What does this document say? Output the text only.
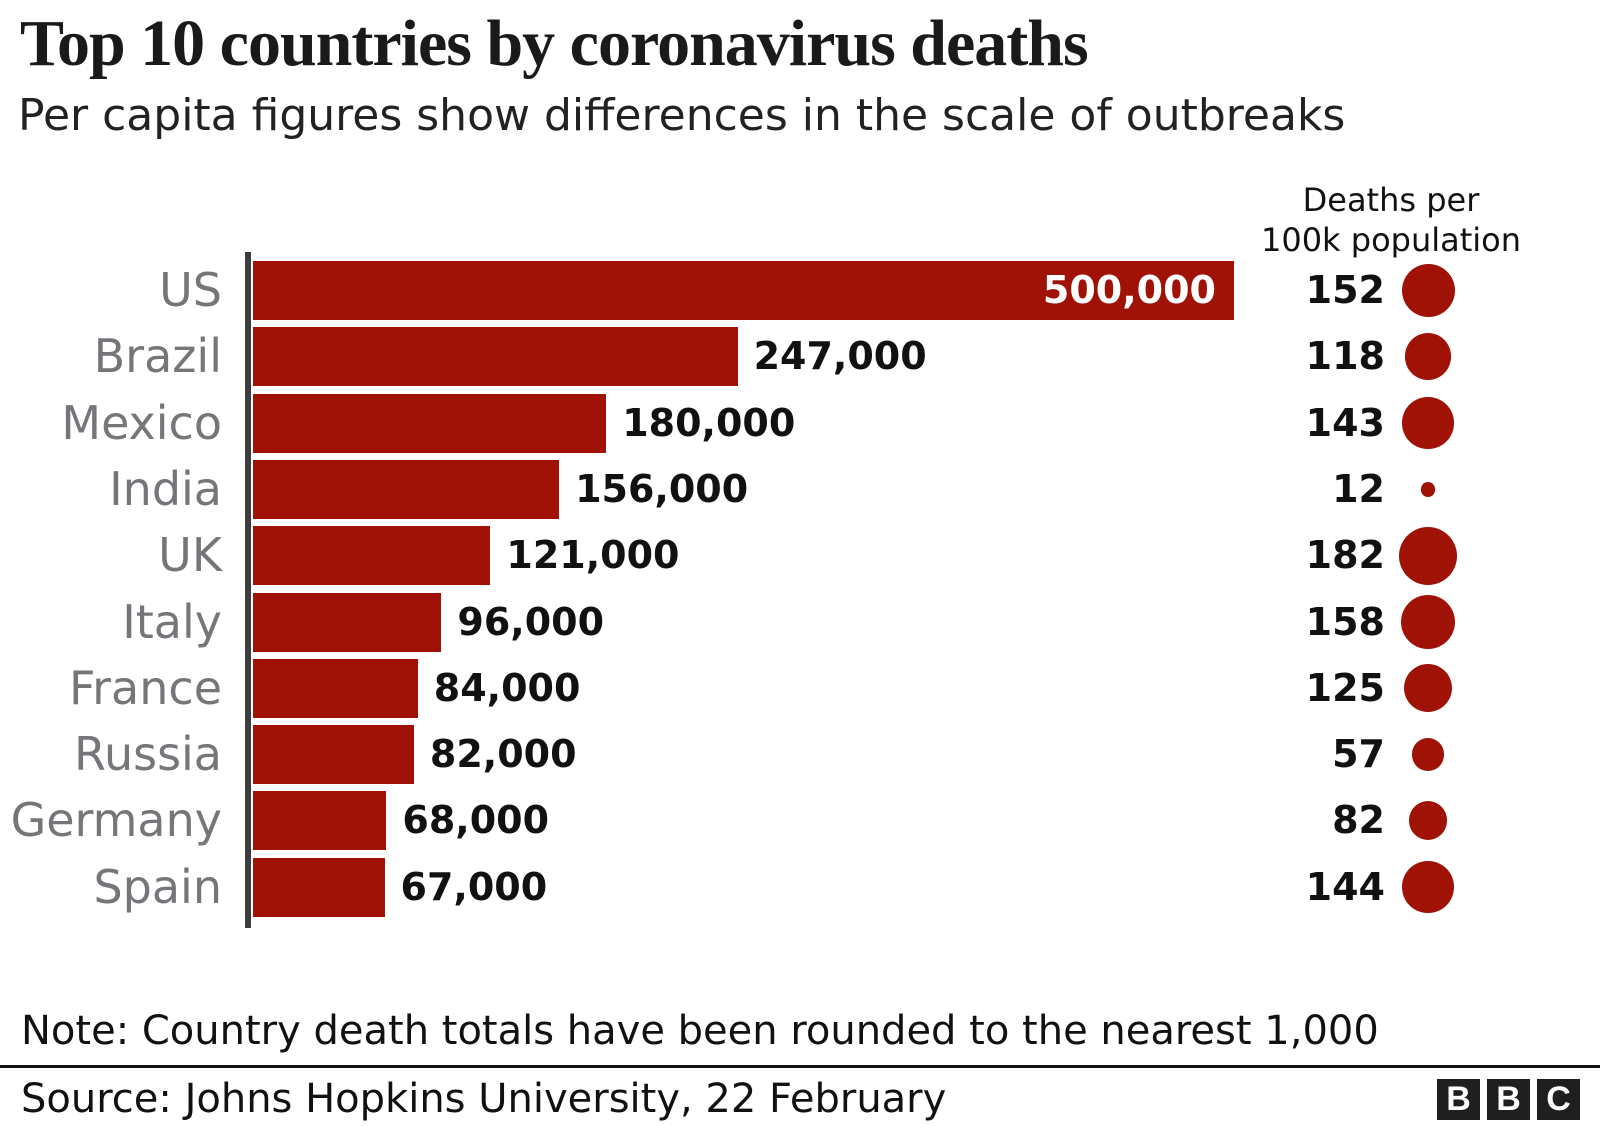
Top 10 countries by coronavirus deaths
Per capita figures show differences in the scale of outbreaks
Deaths per
100k population
US	500,000	152
Brazil	247,000	118
Mexico	180,000	143
India	156,000	12
UK	121,000	182
Italy	96,000	158
France	84,000	125
Russia	82,000	57
Germany	68,000	82
Spain	67,000	144
Note: Country death totals have been rounded to the nearest 1,000
Source: Johns Hopkins University, 22 February	B B C
